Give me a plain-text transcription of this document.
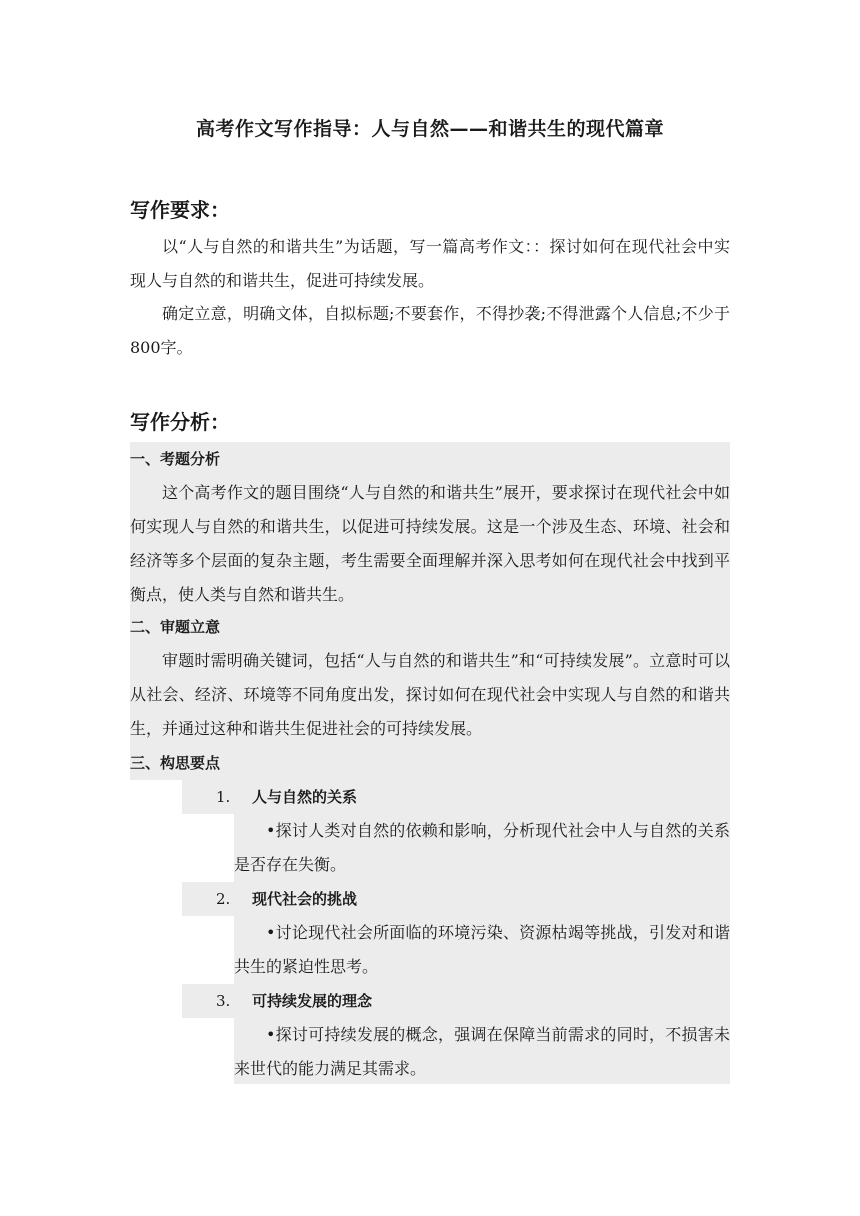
高考作文写作指导：人与自然——和谐共生的现代篇章
写作要求：

以“人与自然的和谐共生”为话题，写一篇高考作文：：探讨如何在现代社会中实现人与自然的和谐共生，促进可持续发展。

确定立意，明确文体，自拟标题;不要套作，不得抄袭;不得泄露个人信息;不少于800字。

写作分析：
一、考题分析

这个高考作文的题目围绕“人与自然的和谐共生”展开，要求探讨在现代社会中如何实现人与自然的和谐共生，以促进可持续发展。这是一个涉及生态、环境、社会和经济等多个层面的复杂主题，考生需要全面理解并深入思考如何在现代社会中找到平衡点，使人类与自然和谐共生。

二、审题立意

审题时需明确关键词，包括“人与自然的和谐共生”和“可持续发展”。立意时可以从社会、经济、环境等不同角度出发，探讨如何在现代社会中实现人与自然的和谐共生，并通过这种和谐共生促进社会的可持续发展。

三、构思要点
1. 人与自然的关系

•探讨人类对自然的依赖和影响，分析现代社会中人与自然的关系是否存在失衡。

2. 现代社会的挑战

•讨论现代社会所面临的环境污染、资源枯竭等挑战，引发对和谐共生的紧迫性思考。

3. 可持续发展的理念

•探讨可持续发展的概念，强调在保障当前需求的同时，不损害未来世代的能力满足其需求。
